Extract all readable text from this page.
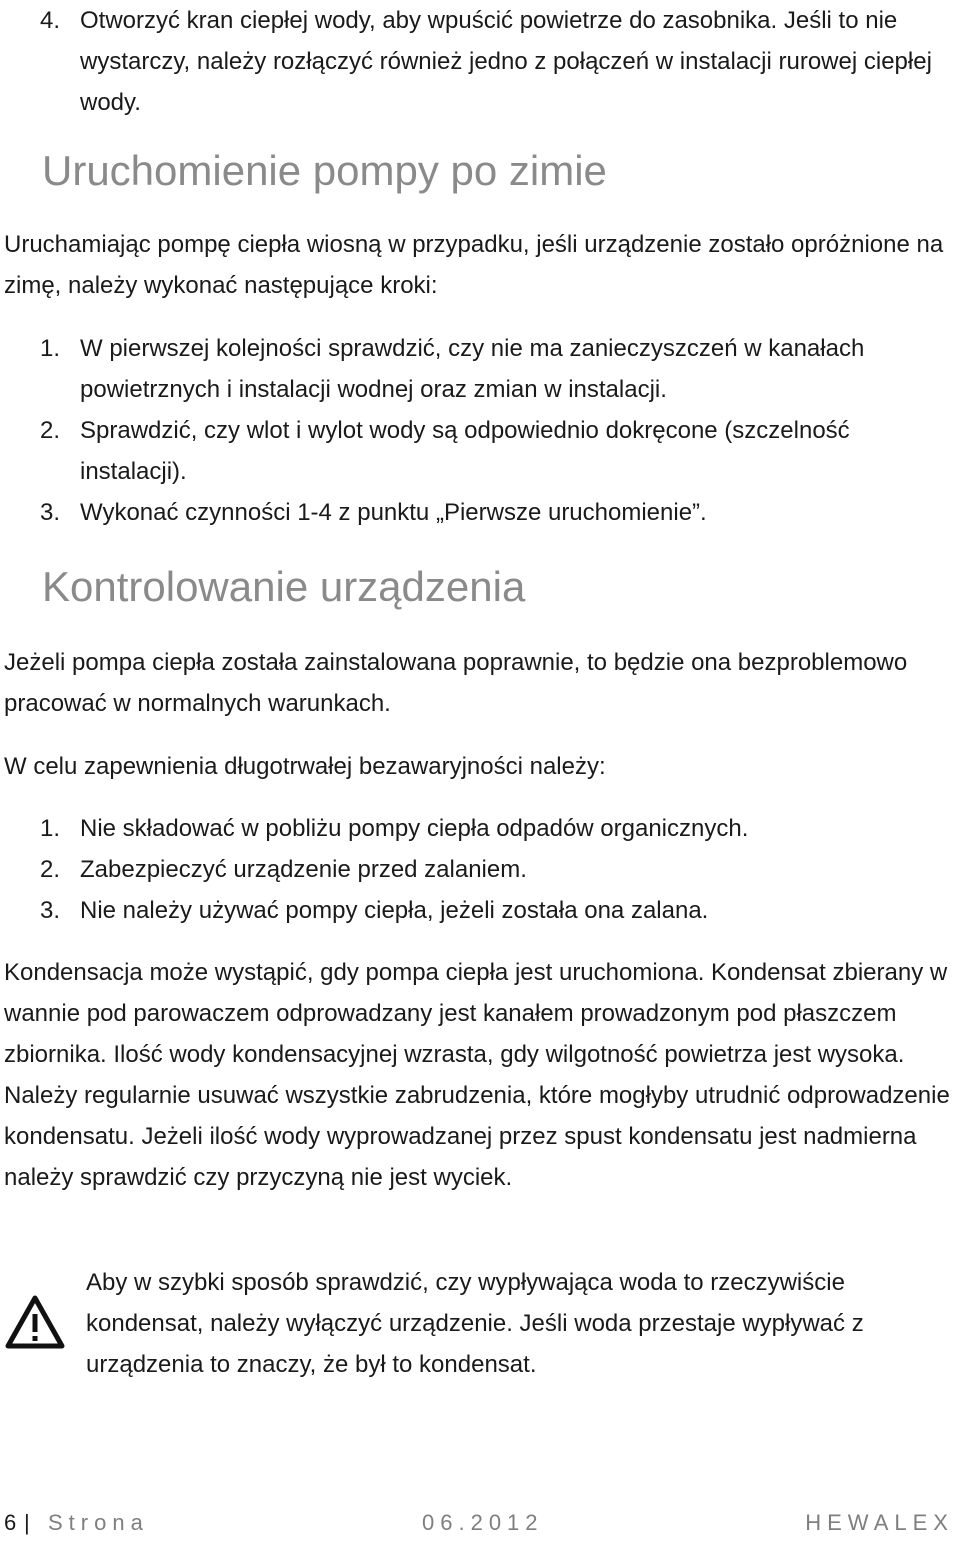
4. Otworzyć kran ciepłej wody, aby wpuścić powietrze do zasobnika. Jeśli to nie wystarczy, należy rozłączyć również jedno z połączeń w instalacji rurowej ciepłej wody.
Uruchomienie pompy po zimie

Uruchamiając pompę ciepła wiosną w przypadku, jeśli urządzenie zostało opróżnione na zimę, należy wykonać następujące kroki:

1. W pierwszej kolejności sprawdzić, czy nie ma zanieczyszczeń w kanałach powietrznych i instalacji wodnej oraz zmian w instalacji.
2. Sprawdzić, czy wlot i wylot wody są odpowiednio dokręcone (szczelność instalacji).
3. Wykonać czynności 1-4 z punktu „Pierwsze uruchomienie”.
Kontrolowanie urządzenia

Jeżeli pompa ciepła została zainstalowana poprawnie, to będzie ona bezproblemowo pracować w normalnych warunkach.

W celu zapewnienia długotrwałej bezawaryjności należy:

1. Nie składować w pobliżu pompy ciepła odpadów organicznych.
2. Zabezpieczyć urządzenie przed zalaniem.
3. Nie należy używać pompy ciepła, jeżeli została ona zalana.

Kondensacja może wystąpić, gdy pompa ciepła jest uruchomiona. Kondensat zbierany w wannie pod parowaczem odprowadzany jest kanałem prowadzonym pod płaszczem zbiornika. Ilość wody kondensacyjnej wzrasta, gdy wilgotność powietrza jest wysoka. Należy regularnie usuwać wszystkie zabrudzenia, które mogłyby utrudnić odprowadzenie kondensatu. Jeżeli ilość wody wyprowadzanej przez spust kondensatu jest nadmierna należy sprawdzić czy przyczyną nie jest wyciek.

Aby w szybki sposób sprawdzić, czy wypływająca woda to rzeczywiście kondensat, należy wyłączyć urządzenie. Jeśli woda przestaje wypływać z urządzenia to znaczy, że był to kondensat.

6 | Strona	06.2012	HEWALEX
